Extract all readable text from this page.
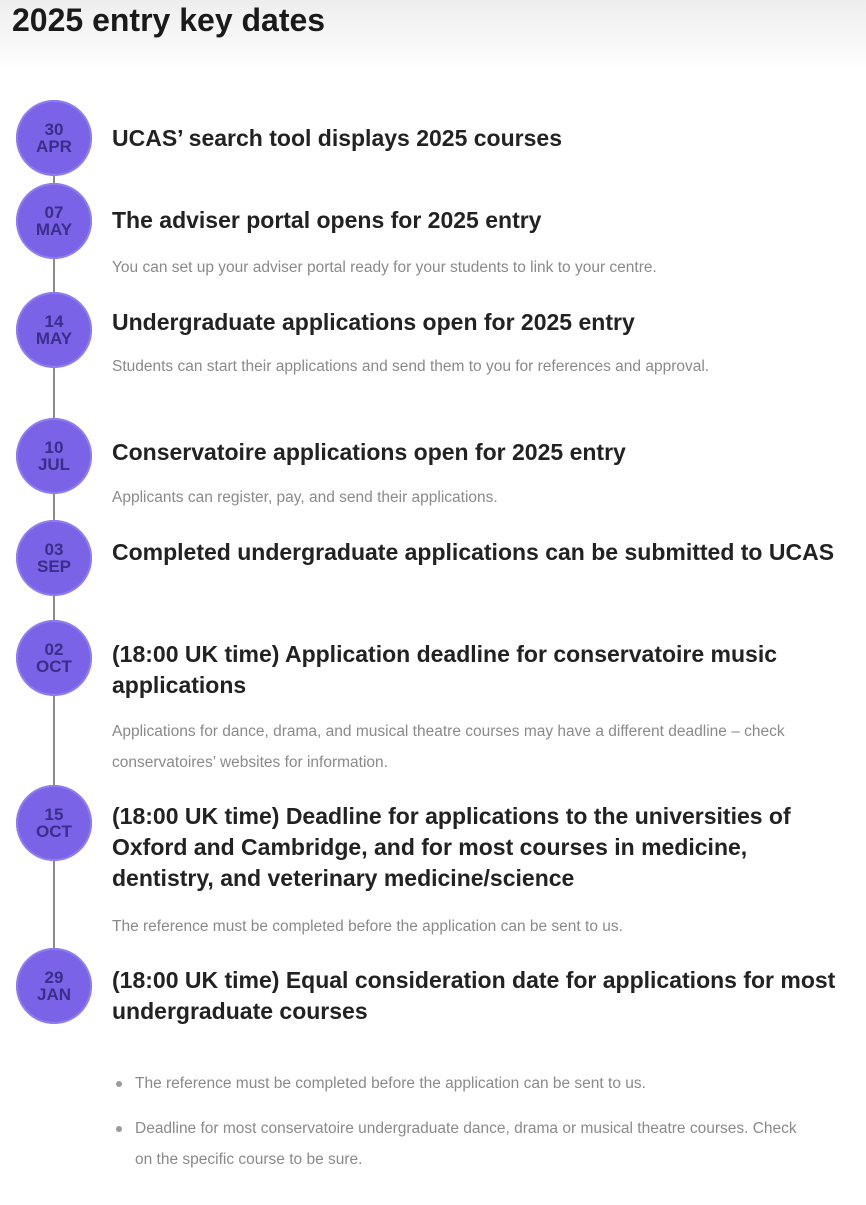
2025 entry key dates
30
APR UCAS’ search tool displays 2025 courses

07
MAY The adviser portal opens for 2025 entry

You can set up your adviser portal ready for your students to link to your centre.

14
MAY

Undergraduate applications open for 2025 entry

Students can start their applications and send them to you for references and approval.

10
JUL Conservatoire applications open for 2025 entry

Applicants can register, pay, and send their applications.

03
SEP

Completed undergraduate applications can be submitted to UCAS

02
OCT (18:00 UK time) Application deadline for conservatoire music applications

Applications for dance, drama, and musical theatre courses may have a different deadline – check conservatoires’ websites for information.

15
OCT

(18:00 UK time) Deadline for applications to the universities of Oxford and Cambridge, and for most courses in medicine, dentistry, and veterinary medicine/science

The reference must be completed before the application can be sent to us.

29
JAN

(18:00 UK time) Equal consideration date for applications for most undergraduate courses

The reference must be completed before the application can be sent to us.
Deadline for most conservatoire undergraduate dance, drama or musical theatre courses. Check on the specific course to be sure.
